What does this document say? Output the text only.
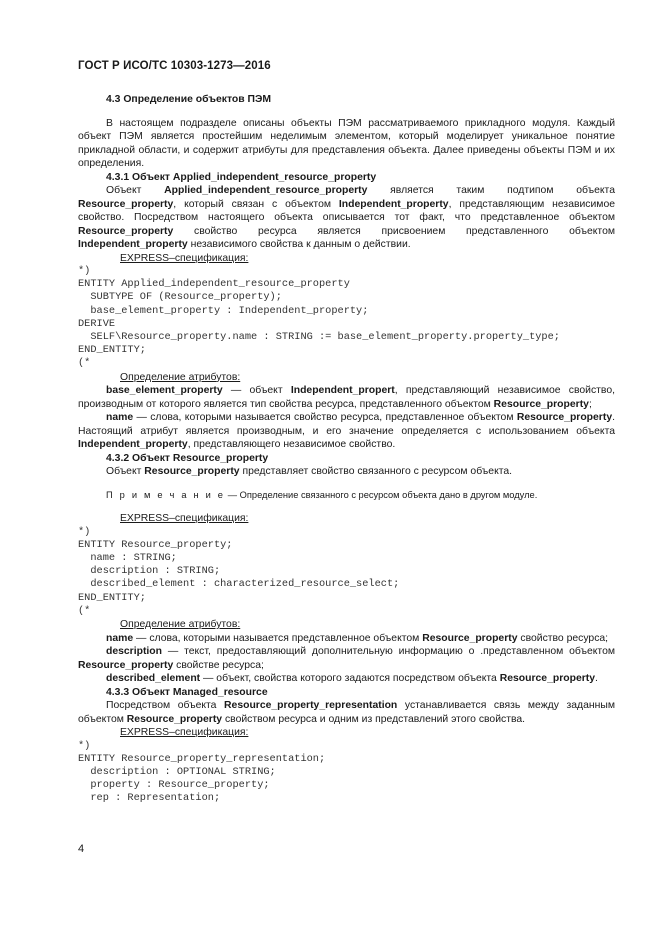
ГОСТ Р ИСО/ТС 10303-1273—2016

4.3 Определение объектов ПЭМ

В настоящем подразделе описаны объекты ПЭМ рассматриваемого прикладного модуля. Каждый объект ПЭМ является простейшим неделимым элементом, который моделирует уникальное понятие прикладной области, и содержит атрибуты для представления объекта. Далее приведены объекты ПЭМ и их определения.

4.3.1 Объект Applied_independent_resource_property

Объект Applied_independent_resource_property является таким подтипом объекта Resource_property, который связан с объектом Independent_property, представляющим независимое свойство. Посредством настоящего объекта описывается тот факт, что представленное объектом Resource_property свойство ресурса является присвоением представленного объектом Independent_property независимого свойства к данным о действии.

EXPRESS–спецификация:

*)

ENTITY Applied_independent_resource_property
SUBTYPE OF (Resource_property);
base_element_property : Independent_property;
DERIVE
SELF\Resource_property.name : STRING := base_element_property.property_type;
END_ENTITY;

(*

Определение атрибутов:

base_element_property — объект Independent_propert, представляющий независимое свойство, производным от которого является тип свойства ресурса, представленного объектом Resource_property;

name — слова, которыми называется свойство ресурса, представленное объектом Resource_property. Настоящий атрибут является производным, и его значение определяется с использованием объекта Independent_property, представляющего независимое свойство.

4.3.2 Объект Resource_property

Объект Resource_property представляет свойство связанного с ресурсом объекта.

П р и м е ч а н и е — Определение связанного с ресурсом объекта дано в другом модуле.

EXPRESS–спецификация:

*)

ENTITY Resource_property;
name : STRING;
description : STRING;
described_element : characterized_resource_select;
END_ENTITY;

(*

Определение атрибутов:

name — слова, которыми называется представленное объектом Resource_property свойство ресурса;

description — текст, предоставляющий дополнительную информацию о .представленном объектом Resource_property свойстве ресурса;

described_element — объект, свойства которого задаются посредством объекта Resource_property.

4.3.3 Объект Managed_resource

Посредством объекта Resource_property_representation устанавливается связь между заданным объектом Resource_property свойством ресурса и одним из представлений этого свойства.

EXPRESS–спецификация:

*)

ENTITY Resource_property_representation;
description : OPTIONAL STRING;
property : Resource_property;
rep : Representation;

4
